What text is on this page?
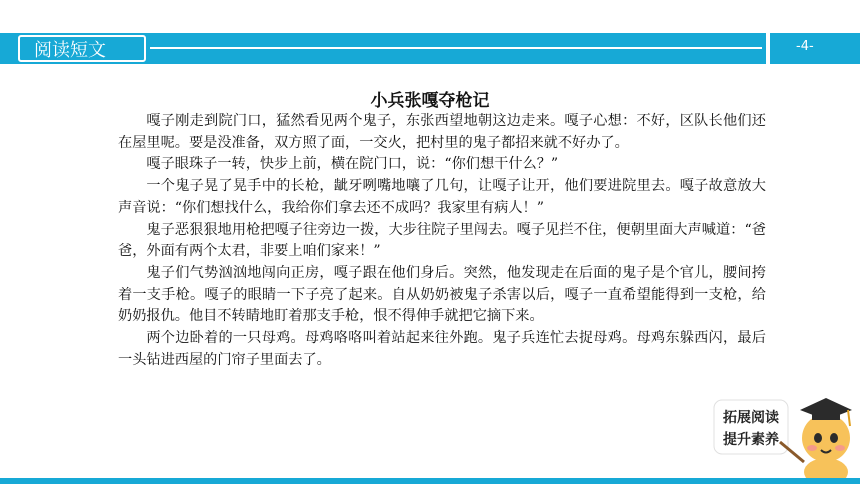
阅读短文	-4-
小兵张嘎夺枪记

嘎子刚走到院门口，猛然看见两个鬼子，东张西望地朝这边走来。嘎子心想：不好，区队长他们还在屋里呢。要是没准备，双方照了面，一交火，把村里的鬼子都招来就不好办了。

嘎子眼珠子一转，快步上前，横在院门口，说：“你们想干什么？”

一个鬼子晃了晃手中的长枪，龇牙咧嘴地嚷了几句，让嘎子让开，他们要进院里去。嘎子故意放大声音说：“你们想找什么，我给你们拿去还不成吗？我家里有病人！”

鬼子恶狠狠地用枪把嘎子往旁边一拨，大步往院子里闯去。嘎子见拦不住，便朝里面大声喊道：“爸爸，外面有两个太君，非要上咱们家来！”

鬼子们气势汹汹地闯向正房，嘎子跟在他们身后。突然，他发现走在后面的鬼子是个官儿，腰间挎着一支手枪。嘎子的眼睛一下子亮了起来。自从奶奶被鬼子杀害以后，嘎子一直希望能得到一支枪，给奶奶报仇。他目不转睛地盯着那支手枪，恨不得伸手就把它摘下来。

两个边卧着的一只母鸡。母鸡咯咯叫着站起来往外跑。鬼子兵连忙去捉母鸡。母鸡东躲西闪，最后一头钻进西屋的门帘子里面去了。

拓展阅读
提升素养
